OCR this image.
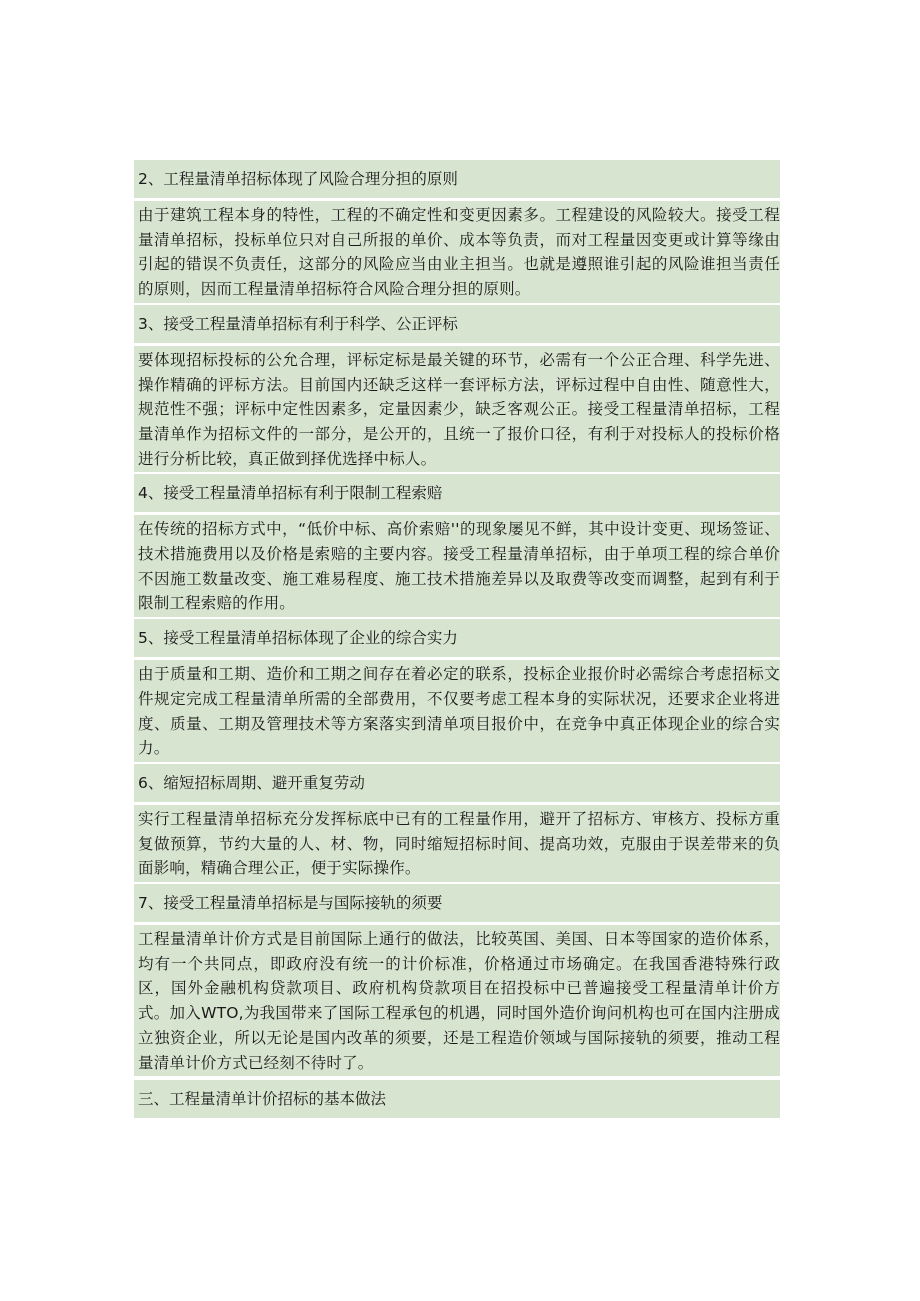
2、工程量清单招标体现了风险合理分担的原则
由于建筑工程本身的特性，工程的不确定性和变更因素多。工程建设的风险较大。接受工程量清单招标，投标单位只对自己所报的单价、成本等负责，而对工程量因变更或计算等缘由引起的错误不负责任，这部分的风险应当由业主担当。也就是遵照谁引起的风险谁担当责任的原则，因而工程量清单招标符合风险合理分担的原则。
3、接受工程量清单招标有利于科学、公正评标
要体现招标投标的公允合理，评标定标是最关键的环节，必需有一个公正合理、科学先进、操作精确的评标方法。目前国内还缺乏这样一套评标方法，评标过程中自由性、随意性大，规范性不强；评标中定性因素多，定量因素少，缺乏客观公正。接受工程量清单招标，工程量清单作为招标文件的一部分，是公开的，且统一了报价口径，有利于对投标人的投标价格进行分析比较，真正做到择优选择中标人。
4、接受工程量清单招标有利于限制工程索赔
在传统的招标方式中，“低价中标、高价索赔''的现象屡见不鲜，其中设计变更、现场签证、技术措施费用以及价格是索赔的主要内容。接受工程量清单招标，由于单项工程的综合单价不因施工数量改变、施工难易程度、施工技术措施差异以及取费等改变而调整，起到有利于限制工程索赔的作用。
5、接受工程量清单招标体现了企业的综合实力
由于质量和工期、造价和工期之间存在着必定的联系，投标企业报价时必需综合考虑招标文件规定完成工程量清单所需的全部费用，不仅要考虑工程本身的实际状况，还要求企业将进度、质量、工期及管理技术等方案落实到清单项目报价中，在竞争中真正体现企业的综合实力。
6、缩短招标周期、避开重复劳动
实行工程量清单招标充分发挥标底中已有的工程量作用，避开了招标方、审核方、投标方重复做预算，节约大量的人、材、物，同时缩短招标时间、提高功效，克服由于误差带来的负面影响，精确合理公正，便于实际操作。
7、接受工程量清单招标是与国际接轨的须要
工程量清单计价方式是目前国际上通行的做法，比较英国、美国、日本等国家的造价体系，均有一个共同点，即政府没有统一的计价标准，价格通过市场确定。在我国香港特殊行政区，国外金融机构贷款项目、政府机构贷款项目在招投标中已普遍接受工程量清单计价方式。加入WTO,为我国带来了国际工程承包的机遇，同时国外造价询问机构也可在国内注册成立独资企业，所以无论是国内改革的须要，还是工程造价领域与国际接轨的须要，推动工程量清单计价方式已经刻不待时了。
三、工程量清单计价招标的基本做法
